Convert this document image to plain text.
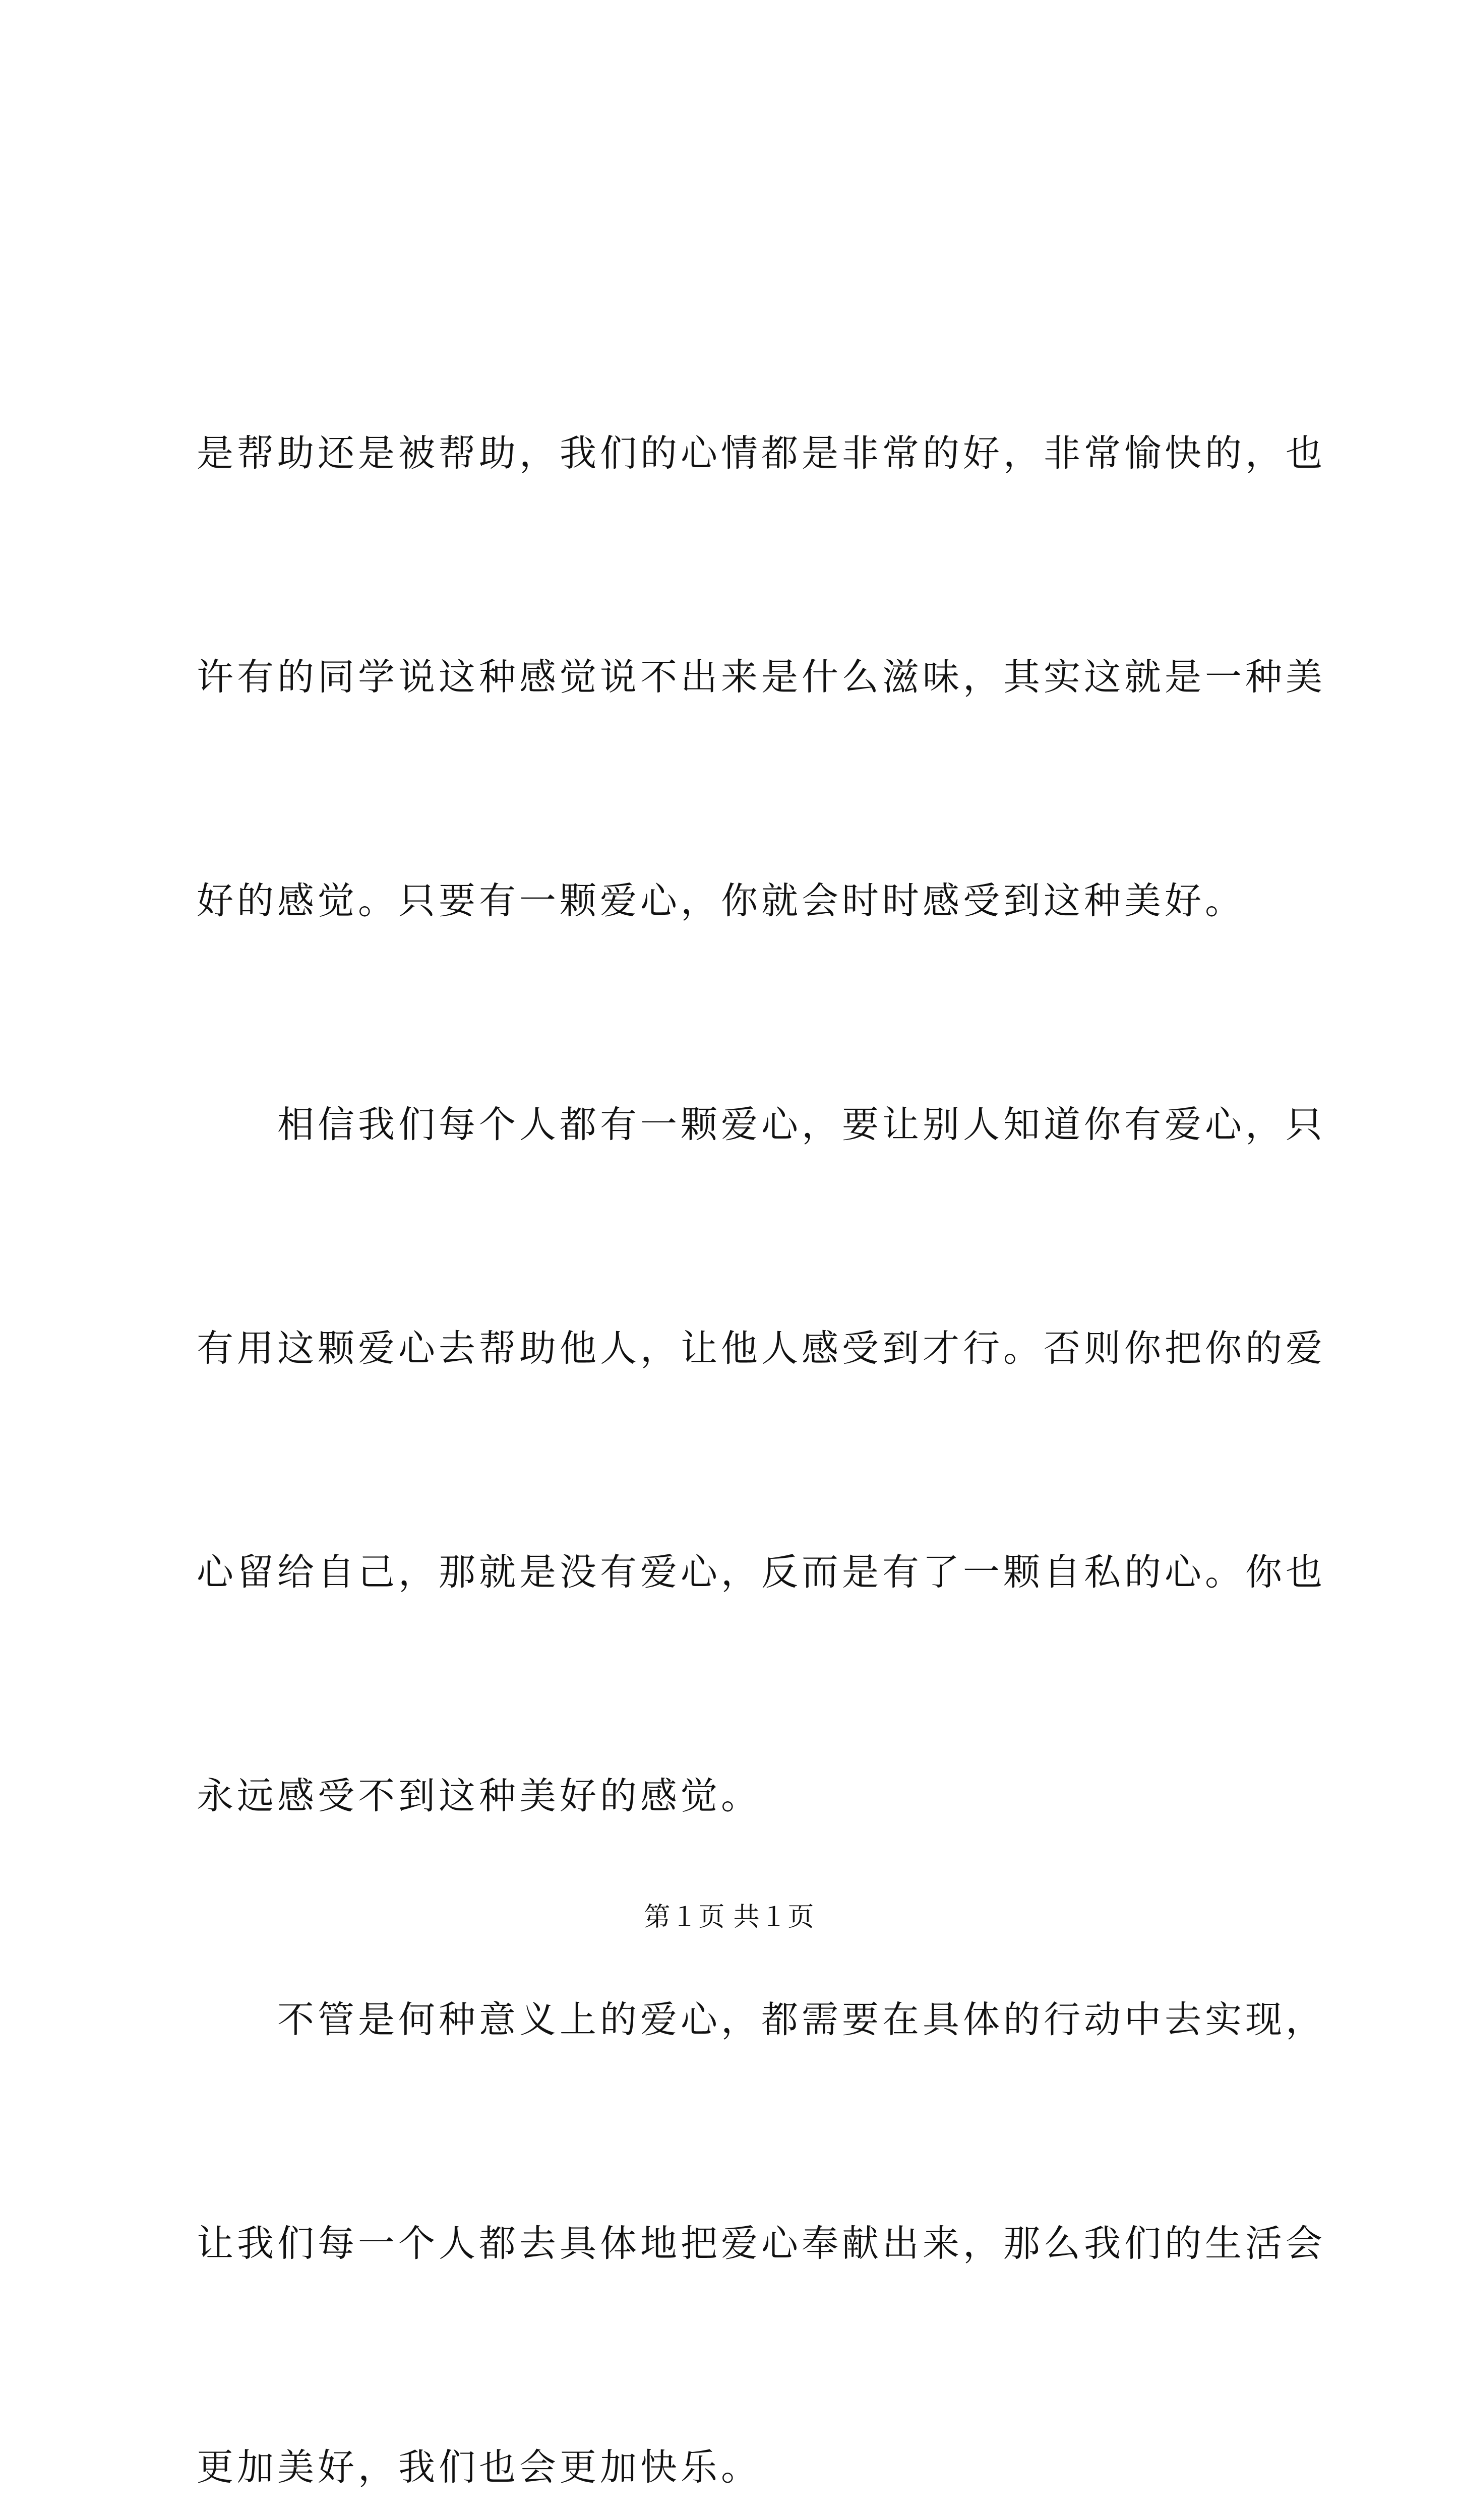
是帮助还是被帮助，我们的心情都是非常的好，非常愉快的，也

许有的同学说这种感觉说不出来是什么滋味，其实这就是一种美

好的感觉。只要有一颗爱心，你就会时时感受到这种美好。

　　相信我们每个人都有一颗爱心，要让别人知道你有爱心，只

有用这颗爱心去帮助他人，让他人感受到才行。否则你把你的爱

心留给自己，那就是没有爱心，反而是有了一颗自私的心。你也

永远感受不到这种美好的感觉。

　　不管是何种意义上的爱心，都需要在具体的行动中去实现，

让我们每一个人都去具体地把爱心奉献出来，那么我们的生活会

更加美好，我们也会更加快乐。

第１页 共１页
